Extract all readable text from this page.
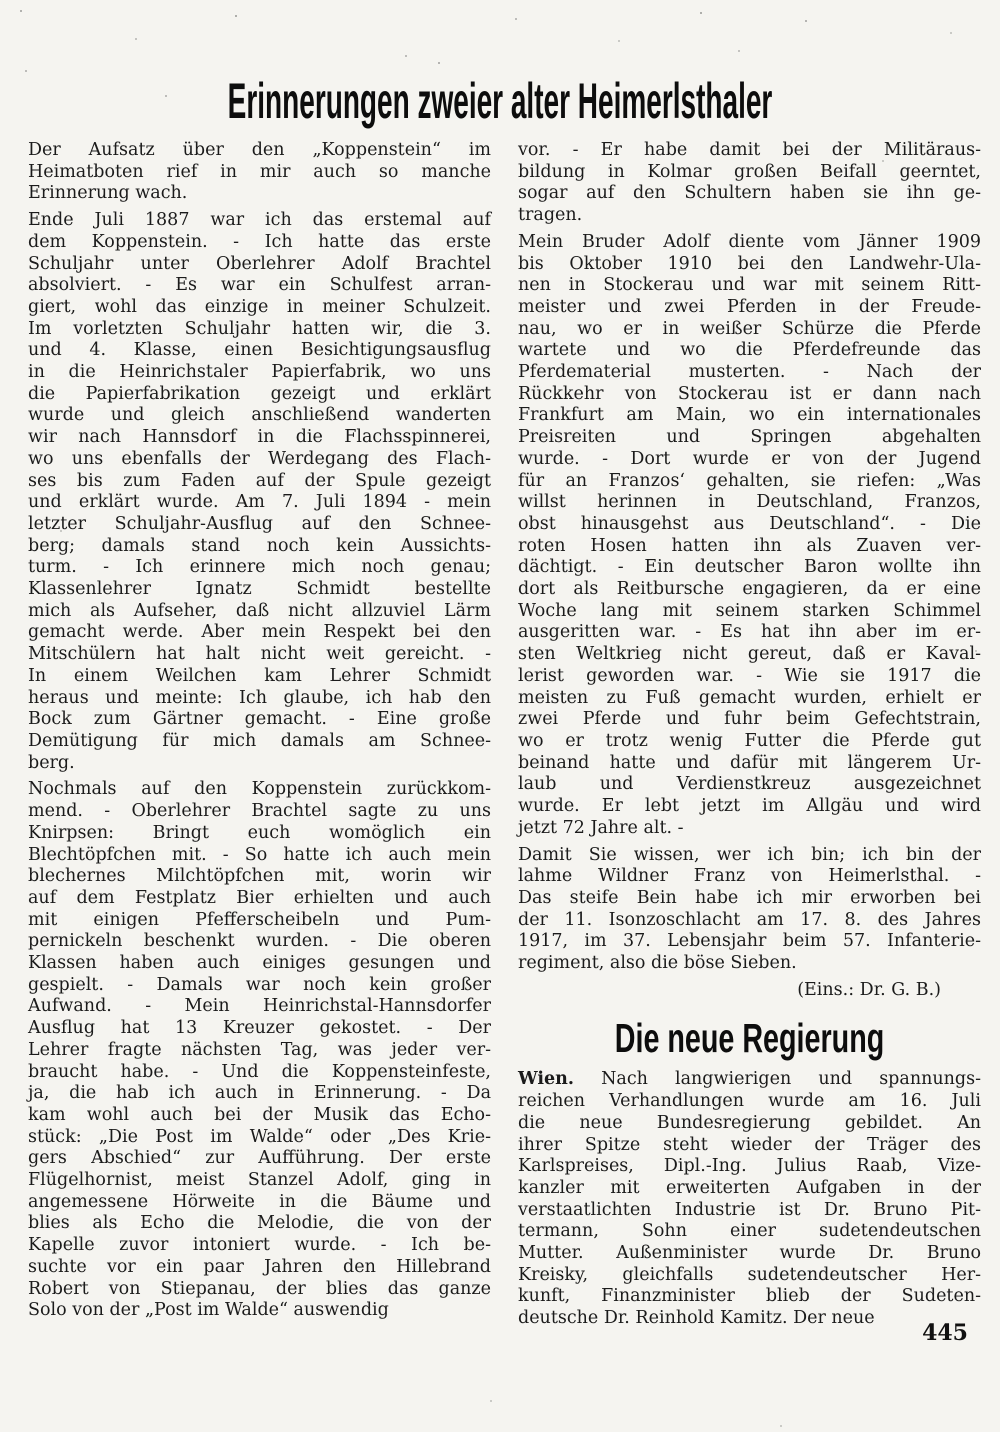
Erinnerungen zweier alter Heimerlsthaler
Der Aufsatz über den „Koppenstein“ im
Heimatboten rief in mir auch so manche
Erinnerung wach.
Ende Juli 1887 war ich das erstemal auf
dem Koppenstein. - Ich hatte das erste
Schuljahr unter Oberlehrer Adolf Brachtel
absolviert. - Es war ein Schulfest arran-
giert, wohl das einzige in meiner Schulzeit.
Im vorletzten Schuljahr hatten wir, die 3.
und 4. Klasse, einen Besichtigungsausflug
in die Heinrichstaler Papierfabrik, wo uns
die Papierfabrikation gezeigt und erklärt
wurde und gleich anschließend wanderten
wir nach Hannsdorf in die Flachsspinnerei,
wo uns ebenfalls der Werdegang des Flach-
ses bis zum Faden auf der Spule gezeigt
und erklärt wurde. Am 7. Juli 1894 - mein
letzter Schuljahr-Ausflug auf den Schnee-
berg; damals stand noch kein Aussichts-
turm. - Ich erinnere mich noch genau;
Klassenlehrer Ignatz Schmidt bestellte
mich als Aufseher, daß nicht allzuviel Lärm
gemacht werde. Aber mein Respekt bei den
Mitschülern hat halt nicht weit gereicht. -
In einem Weilchen kam Lehrer Schmidt
heraus und meinte: Ich glaube, ich hab den
Bock zum Gärtner gemacht. - Eine große
Demütigung für mich damals am Schnee-
berg.
Nochmals auf den Koppenstein zurückkom-
mend. - Oberlehrer Brachtel sagte zu uns
Knirpsen: Bringt euch womöglich ein
Blechtöpfchen mit. - So hatte ich auch mein
blechernes Milchtöpfchen mit, worin wir
auf dem Festplatz Bier erhielten und auch
mit einigen Pfefferscheibeln und Pum-
pernickeln beschenkt wurden. - Die oberen
Klassen haben auch einiges gesungen und
gespielt. - Damals war noch kein großer
Aufwand. - Mein Heinrichstal-Hannsdorfer
Ausflug hat 13 Kreuzer gekostet. - Der
Lehrer fragte nächsten Tag, was jeder ver-
braucht habe. - Und die Koppensteinfeste,
ja, die hab ich auch in Erinnerung. - Da
kam wohl auch bei der Musik das Echo-
stück: „Die Post im Walde“ oder „Des Krie-
gers Abschied“ zur Aufführung. Der erste
Flügelhornist, meist Stanzel Adolf, ging in
angemessene Hörweite in die Bäume und
blies als Echo die Melodie, die von der
Kapelle zuvor intoniert wurde. - Ich be-
suchte vor ein paar Jahren den Hillebrand
Robert von Stiepanau, der blies das ganze
Solo von der „Post im Walde“ auswendig
vor. - Er habe damit bei der Militäraus-
bildung in Kolmar großen Beifall geerntet,
sogar auf den Schultern haben sie ihn ge-
tragen.
Mein Bruder Adolf diente vom Jänner 1909
bis Oktober 1910 bei den Landwehr-Ula-
nen in Stockerau und war mit seinem Ritt-
meister und zwei Pferden in der Freude-
nau, wo er in weißer Schürze die Pferde
wartete und wo die Pferdefreunde das
Pferdematerial musterten. - Nach der
Rückkehr von Stockerau ist er dann nach
Frankfurt am Main, wo ein internationales
Preisreiten und Springen abgehalten
wurde. - Dort wurde er von der Jugend
für an Franzos‘ gehalten, sie riefen: „Was
willst herinnen in Deutschland, Franzos,
obst hinausgehst aus Deutschland“. - Die
roten Hosen hatten ihn als Zuaven ver-
dächtigt. - Ein deutscher Baron wollte ihn
dort als Reitbursche engagieren, da er eine
Woche lang mit seinem starken Schimmel
ausgeritten war. - Es hat ihn aber im er-
sten Weltkrieg nicht gereut, daß er Kaval-
lerist geworden war. - Wie sie 1917 die
meisten zu Fuß gemacht wurden, erhielt er
zwei Pferde und fuhr beim Gefechtstrain,
wo er trotz wenig Futter die Pferde gut
beinand hatte und dafür mit längerem Ur-
laub und Verdienstkreuz ausgezeichnet
wurde. Er lebt jetzt im Allgäu und wird
jetzt 72 Jahre alt. -
Damit Sie wissen, wer ich bin; ich bin der
lahme Wildner Franz von Heimerlsthal. -
Das steife Bein habe ich mir erworben bei
der 11. Isonzoschlacht am 17. 8. des Jahres
1917, im 37. Lebensjahr beim 57. Infanterie-
regiment, also die böse Sieben.
(Eins.: Dr. G. B.)
Die neue Regierung
Wien. Nach langwierigen und spannungs-
reichen Verhandlungen wurde am 16. Juli
die neue Bundesregierung gebildet. An
ihrer Spitze steht wieder der Träger des
Karlspreises, Dipl.-Ing. Julius Raab, Vize-
kanzler mit erweiterten Aufgaben in der
verstaatlichten Industrie ist Dr. Bruno Pit-
termann, Sohn einer sudetendeutschen
Mutter. Außenminister wurde Dr. Bruno
Kreisky, gleichfalls sudetendeutscher Her-
kunft, Finanzminister blieb der Sudeten-
deutsche Dr. Reinhold Kamitz. Der neue
445
